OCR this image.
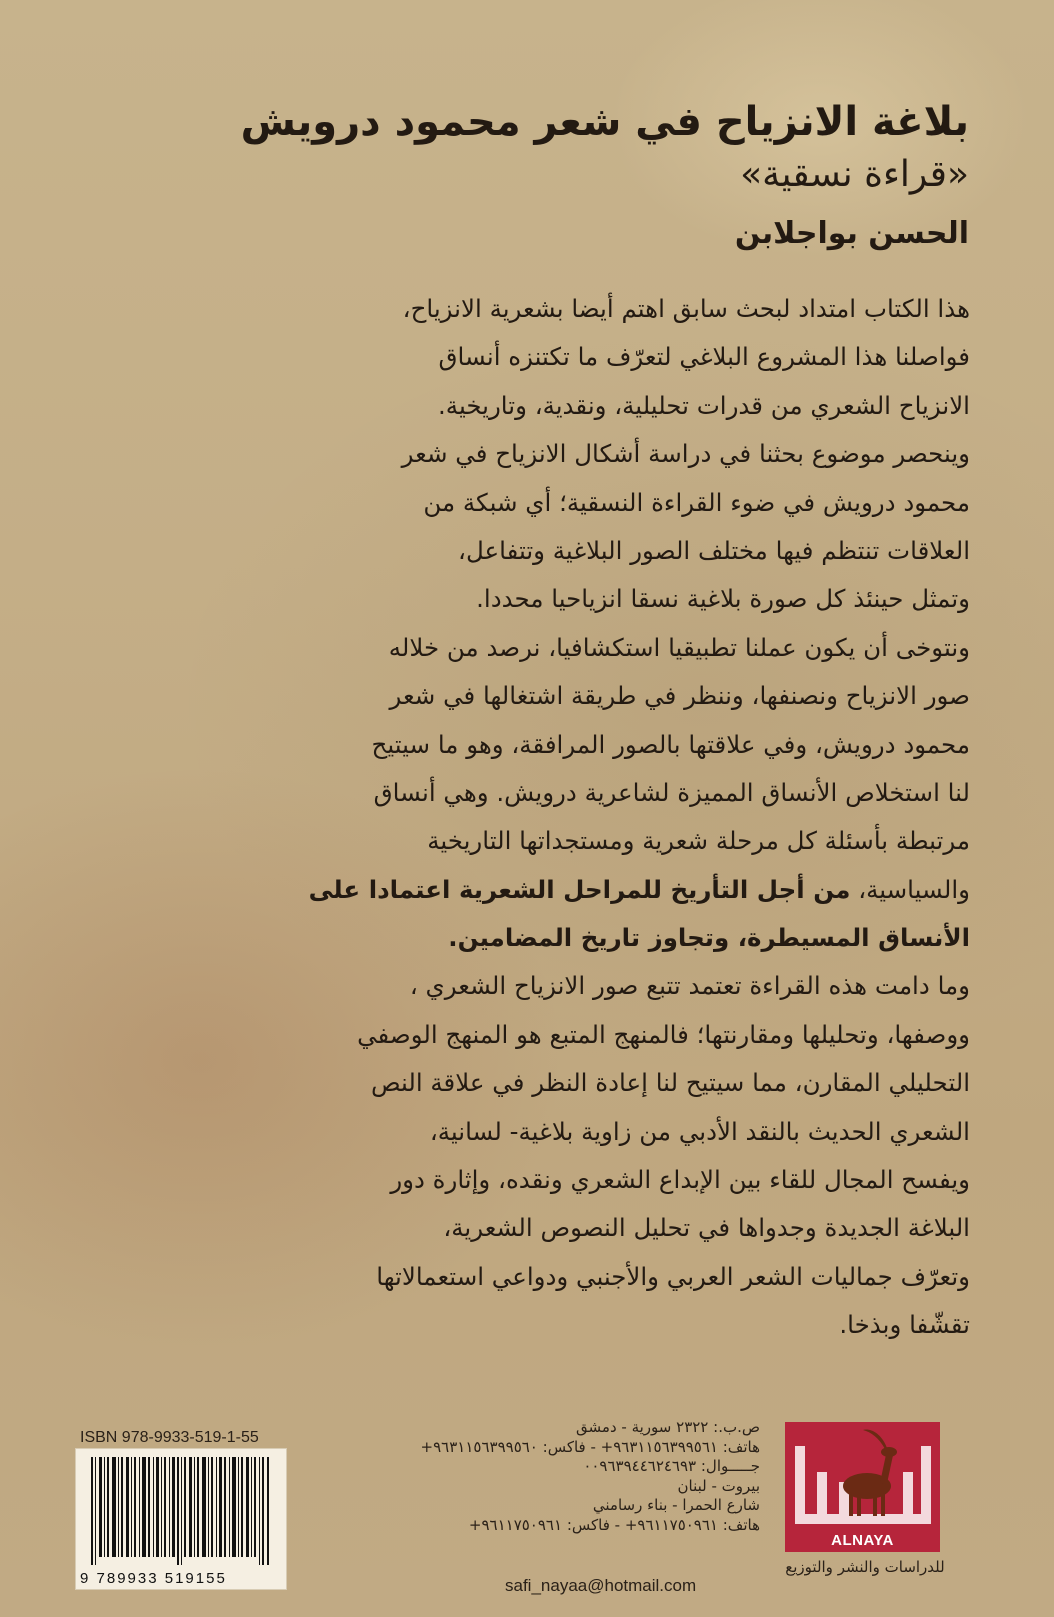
بلاغة الانزياح في شعر محمود درويش
«قراءة نسقية»
الحسن بواجلابن

هذا الكتاب امتداد لبحث سابق اهتم أيضا بشعرية الانزياح،
فواصلنا هذا المشروع البلاغي لتعرّف ما تكتنزه أنساق
الانزياح الشعري من قدرات تحليلية، ونقدية، وتاريخية.

وينحصر موضوع بحثنا في دراسة أشكال الانزياح في شعر
محمود درويش في ضوء القراءة النسقية؛ أي شبكة من
العلاقات تنتظم فيها مختلف الصور البلاغية وتتفاعل،
وتمثل حينئذ كل صورة بلاغية نسقا انزياحيا محددا.

ونتوخى أن يكون عملنا تطبيقيا استكشافيا، نرصد من خلاله
صور الانزياح ونصنفها، وننظر في طريقة اشتغالها في شعر
محمود درويش، وفي علاقتها بالصور المرافقة، وهو ما سيتيح
لنا استخلاص الأنساق المميزة لشاعرية درويش. وهي أنساق
مرتبطة بأسئلة كل مرحلة شعرية ومستجداتها التاريخية
والسياسية، من أجل التأريخ للمراحل الشعرية اعتمادا على
الأنساق المسيطرة، وتجاوز تاريخ المضامين.

وما دامت هذه القراءة تعتمد تتبع صور الانزياح الشعري ،
ووصفها، وتحليلها ومقارنتها؛ فالمنهج المتبع هو المنهج الوصفي
التحليلي المقارن، مما سيتيح لنا إعادة النظر في علاقة النص
الشعري الحديث بالنقد الأدبي من زاوية بلاغية- لسانية،
ويفسح المجال للقاء بين الإبداع الشعري ونقده، وإثارة دور
البلاغة الجديدة وجدواها في تحليل النصوص الشعرية،
وتعرّف جماليات الشعر العربي والأجنبي ودواعي استعمالاتها
تقشّفا وبذخا.

ISBN 978-9933-519-1-55
9 789933 519155
ص.ب.: ٢٣٢٢ سورية - دمشق
هاتف: ٩٦٣١١٥٦٣٩٩٥٦١+ - فاكس: ٩٦٣١١٥٦٣٩٩٥٦٠+
جـــــوال: ٠٠٩٦٣٩٤٤٦٢٤٦٩٣
بيروت - لبنان
شارع الحمرا - بناء رسامني
هاتف: ٩٦١١٧٥٠٩٦١+ - فاكس: ٩٦١١٧٥٠٩٦١+
safi_nayaa@hotmail.com
ALNAYA
للدراسات والنشر والتوزيع
